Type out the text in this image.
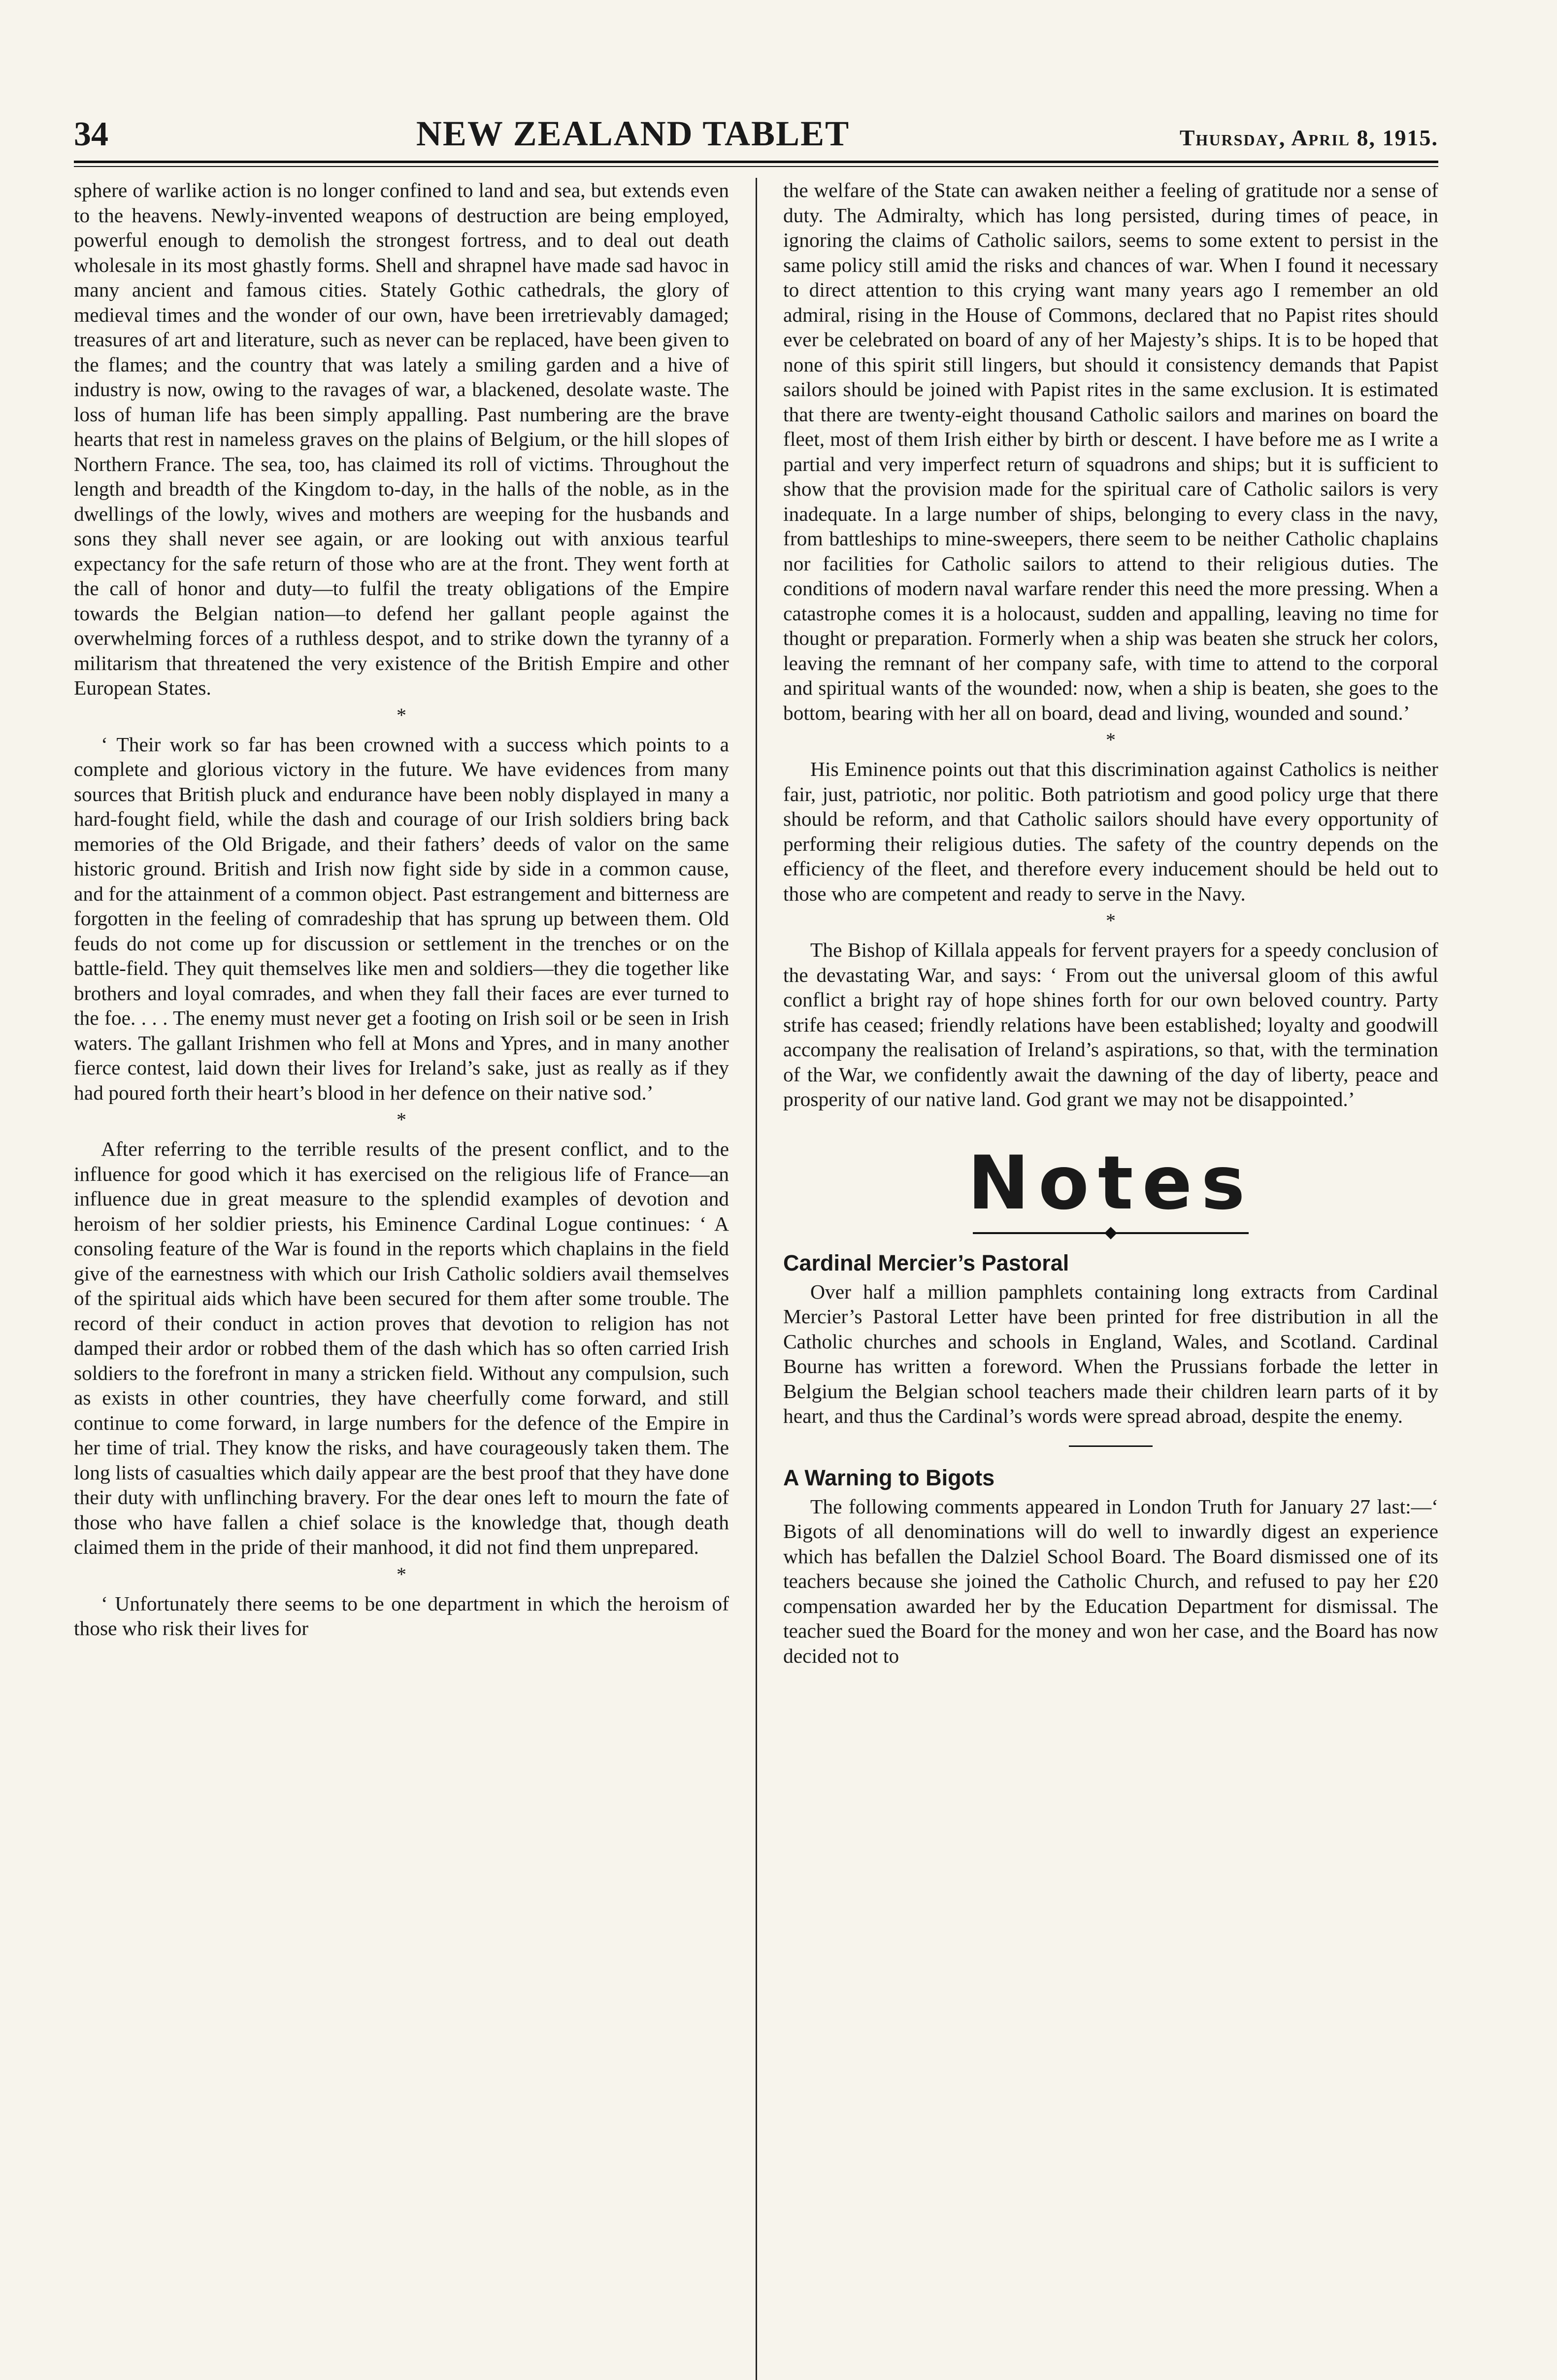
34	NEW ZEALAND TABLET	Thursday, April 8, 1915.

sphere of warlike action is no longer confined to land and sea, but extends even to the heavens. Newly-invented weapons of destruction are being employed, powerful enough to demolish the strongest fortress, and to deal out death wholesale in its most ghastly forms. Shell and shrapnel have made sad havoc in many ancient and famous cities. Stately Gothic cathedrals, the glory of medieval times and the wonder of our own, have been irretrievably damaged; treasures of art and literature, such as never can be replaced, have been given to the flames; and the country that was lately a smiling garden and a hive of industry is now, owing to the ravages of war, a blackened, desolate waste. The loss of human life has been simply appalling. Past numbering are the brave hearts that rest in nameless graves on the plains of Belgium, or the hill slopes of Northern France. The sea, too, has claimed its roll of victims. Throughout the length and breadth of the Kingdom to-day, in the halls of the noble, as in the dwellings of the lowly, wives and mothers are weeping for the husbands and sons they shall never see again, or are looking out with anxious tearful expectancy for the safe return of those who are at the front. They went forth at the call of honor and duty—to fulfil the treaty obligations of the Empire towards the Belgian nation—to defend her gallant people against the overwhelming forces of a ruthless despot, and to strike down the tyranny of a militarism that threatened the very existence of the British Empire and other European States.

*

‘ Their work so far has been crowned with a success which points to a complete and glorious victory in the future. We have evidences from many sources that British pluck and endurance have been nobly displayed in many a hard-fought field, while the dash and courage of our Irish soldiers bring back memories of the Old Brigade, and their fathers’ deeds of valor on the same historic ground. British and Irish now fight side by side in a common cause, and for the attainment of a common object. Past estrangement and bitterness are forgotten in the feeling of comradeship that has sprung up between them. Old feuds do not come up for discussion or settlement in the trenches or on the battle-field. They quit themselves like men and soldiers—they die together like brothers and loyal comrades, and when they fall their faces are ever turned to the foe. . . . The enemy must never get a footing on Irish soil or be seen in Irish waters. The gallant Irishmen who fell at Mons and Ypres, and in many another fierce contest, laid down their lives for Ireland’s sake, just as really as if they had poured forth their heart’s blood in her defence on their native sod.’

*

After referring to the terrible results of the present conflict, and to the influence for good which it has exercised on the religious life of France—an influence due in great measure to the splendid examples of devotion and heroism of her soldier priests, his Eminence Cardinal Logue continues: ‘ A consoling feature of the War is found in the reports which chaplains in the field give of the earnestness with which our Irish Catholic soldiers avail themselves of the spiritual aids which have been secured for them after some trouble. The record of their conduct in action proves that devotion to religion has not damped their ardor or robbed them of the dash which has so often carried Irish soldiers to the forefront in many a stricken field. Without any compulsion, such as exists in other countries, they have cheerfully come forward, and still continue to come forward, in large numbers for the defence of the Empire in her time of trial. They know the risks, and have courageously taken them. The long lists of casualties which daily appear are the best proof that they have done their duty with unflinching bravery. For the dear ones left to mourn the fate of those who have fallen a chief solace is the knowledge that, though death claimed them in the pride of their manhood, it did not find them unprepared.

*

‘ Unfortunately there seems to be one department in which the heroism of those who risk their lives for

the welfare of the State can awaken neither a feeling of gratitude nor a sense of duty. The Admiralty, which has long persisted, during times of peace, in ignoring the claims of Catholic sailors, seems to some extent to persist in the same policy still amid the risks and chances of war. When I found it necessary to direct attention to this crying want many years ago I remember an old admiral, rising in the House of Commons, declared that no Papist rites should ever be celebrated on board of any of her Majesty’s ships. It is to be hoped that none of this spirit still lingers, but should it consistency demands that Papist sailors should be joined with Papist rites in the same exclusion. It is estimated that there are twenty-eight thousand Catholic sailors and marines on board the fleet, most of them Irish either by birth or descent. I have before me as I write a partial and very imperfect return of squadrons and ships; but it is sufficient to show that the provision made for the spiritual care of Catholic sailors is very inadequate. In a large number of ships, belonging to every class in the navy, from battleships to mine-sweepers, there seem to be neither Catholic chaplains nor facilities for Catholic sailors to attend to their religious duties. The conditions of modern naval warfare render this need the more pressing. When a catastrophe comes it is a holocaust, sudden and appalling, leaving no time for thought or preparation. Formerly when a ship was beaten she struck her colors, leaving the remnant of her company safe, with time to attend to the corporal and spiritual wants of the wounded: now, when a ship is beaten, she goes to the bottom, bearing with her all on board, dead and living, wounded and sound.’

*

His Eminence points out that this discrimination against Catholics is neither fair, just, patriotic, nor politic. Both patriotism and good policy urge that there should be reform, and that Catholic sailors should have every opportunity of performing their religious duties. The safety of the country depends on the efficiency of the fleet, and therefore every inducement should be held out to those who are competent and ready to serve in the Navy.

*

The Bishop of Killala appeals for fervent prayers for a speedy conclusion of the devastating War, and says: ‘ From out the universal gloom of this awful conflict a bright ray of hope shines forth for our own beloved country. Party strife has ceased; friendly relations have been established; loyalty and goodwill accompany the realisation of Ireland’s aspirations, so that, with the termination of the War, we confidently await the dawning of the day of liberty, peace and prosperity of our native land. God grant we may not be disappointed.’

Notes
Cardinal Mercier’s Pastoral

Over half a million pamphlets containing long extracts from Cardinal Mercier’s Pastoral Letter have been printed for free distribution in all the Catholic churches and schools in England, Wales, and Scotland. Cardinal Bourne has written a foreword. When the Prussians forbade the letter in Belgium the Belgian school teachers made their children learn parts of it by heart, and thus the Cardinal’s words were spread abroad, despite the enemy.

A Warning to Bigots

The following comments appeared in London Truth for January 27 last:—‘ Bigots of all denominations will do well to inwardly digest an experience which has befallen the Dalziel School Board. The Board dismissed one of its teachers because she joined the Catholic Church, and refused to pay her £20 compensation awarded her by the Education Department for dismissal. The teacher sued the Board for the money and won her case, and the Board has now decided not to
